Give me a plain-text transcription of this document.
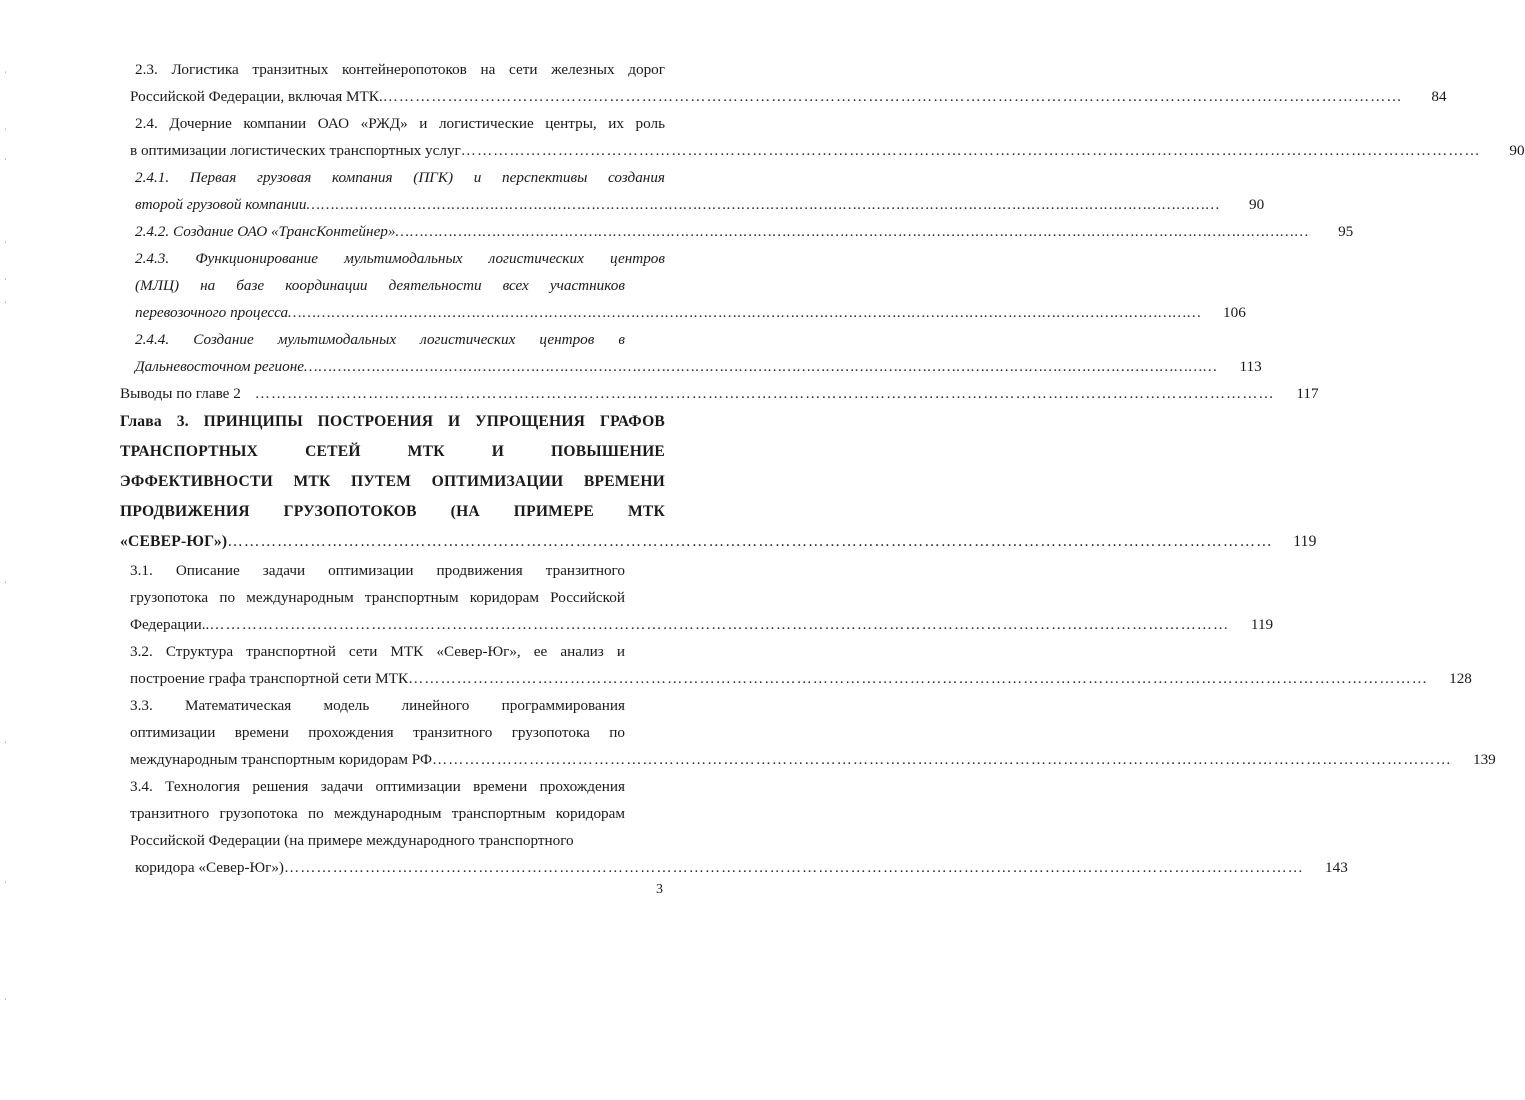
2.3. Логистика транзитных контейнеропотоков на сети железных дорог
Российской Федерации, включая МТК. ………………………………………………………………………………………………………………………………………………………………………	84
2.4. Дочерние компании ОАО «РЖД» и логистические центры, их роль
в оптимизации логистических транспортных услуг ………………………………………………………………………………………………………………………………………………………………………	90
2.4.1. Первая грузовая компания (ПГК) и перспективы создания
второй грузовой компании ………………………………………………………………………………………………………………………………………………………………………	90
2.4.2. Создание ОАО «ТрансКонтейнер» ………………………………………………………………………………………………………………………………………………………………………	95
2.4.3. Функционирование мультимодальных логистических центров
(МЛЦ) на базе координации деятельности всех участников
перевозочного процесса ………………………………………………………………………………………………………………………………………………………………………	106
2.4.4. Создание мультимодальных логистических центров в
Дальневосточном регионе ………………………………………………………………………………………………………………………………………………………………………	113
Выводы по главе 2 ………………………………………………………………………………………………………………………………………………………………………	117
Глава 3. ПРИНЦИПЫ ПОСТРОЕНИЯ И УПРОЩЕНИЯ ГРАФОВ
ТРАНСПОРТНЫХ СЕТЕЙ МТК И ПОВЫШЕНИЕ
ЭФФЕКТИВНОСТИ МТК ПУТЕМ ОПТИМИЗАЦИИ ВРЕМЕНИ
ПРОДВИЖЕНИЯ ГРУЗОПОТОКОВ (НА ПРИМЕРЕ МТК
«СЕВЕР-ЮГ») ………………………………………………………………………………………………………………………………………………………………………	119
3.1. Описание задачи оптимизации продвижения транзитного
грузопотока по международным транспортным коридорам Российской
Федерации.. ………………………………………………………………………………………………………………………………………………………………………	119
3.2. Структура транспортной сети МТК «Север-Юг», ее анализ и
построение графа транспортной сети МТК ………………………………………………………………………………………………………………………………………………………………………	128
3.3. Математическая модель линейного программирования
оптимизации времени прохождения транзитного грузопотока по
международным транспортным коридорам РФ ………………………………………………………………………………………………………………………………………………………………………	139
3.4. Технология решения задачи оптимизации времени прохождения
транзитного грузопотока по международным транспортным коридорам
Российской Федерации (на примере международного транспортного
коридора «Север-Юг») ………………………………………………………………………………………………………………………………………………………………………	143
3
ˈ
ˌ
ˌ
ˈ
ˌ
ˈ
ˈ
ˈ
ˈ
ˌ
